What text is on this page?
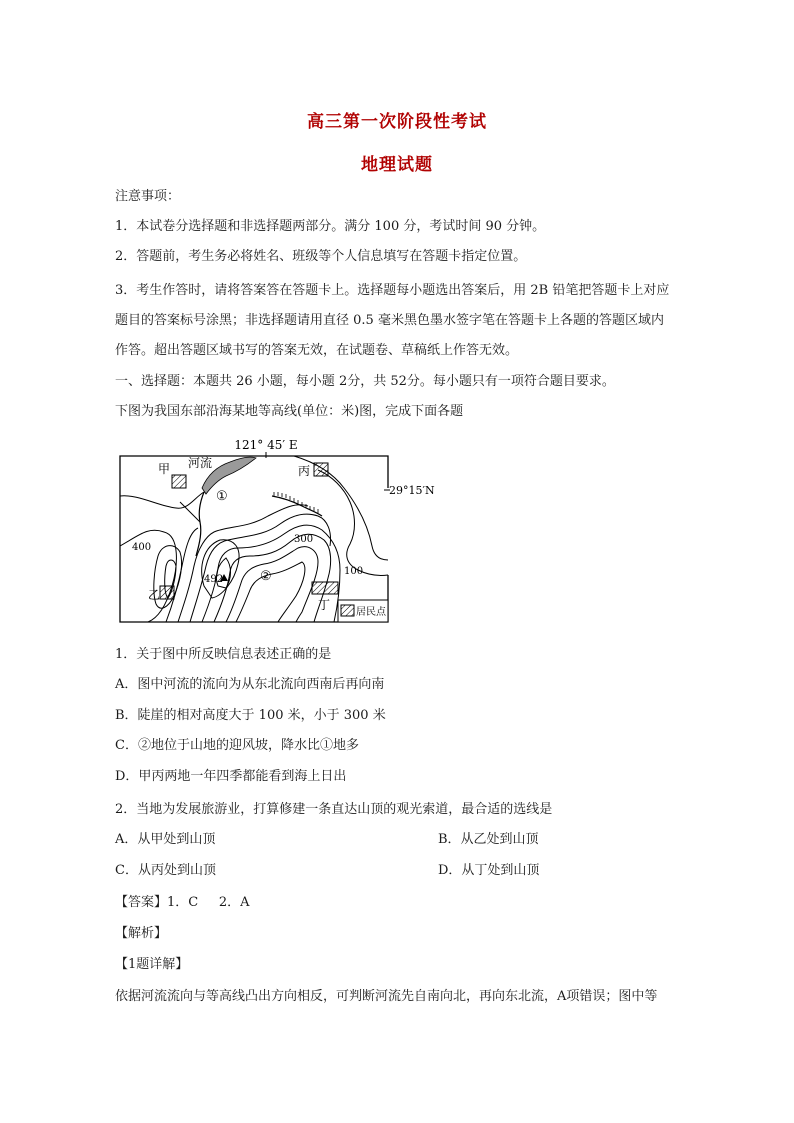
高三第一次阶段性考试
地理试题
注意事项：
1．本试卷分选择题和非选择题两部分。满分 100 分，考试时间 90 分钟。
2．答题前，考生务必将姓名、班级等个人信息填写在答题卡指定位置。
3．考生作答时，请将答案答在答题卡上。选择题每小题选出答案后，用 2B 铅笔把答题卡上对应
题目的答案标号涂黑；非选择题请用直径 0.5 毫米黑色墨水签字笔在答题卡上各题的答题区域内
作答。超出答题区域书写的答案无效，在试题卷、草稿纸上作答无效。
一、选择题：本题共 26 小题，每小题 2分，共 52分。每小题只有一项符合题目要求。
下图为我国东部沿海某地等高线(单位：米)图，完成下面各题
121° 45′ E
29°15′N
河流
甲	丙
乙
丁
①
②
400
300
100
492
居民点
1．关于图中所反映信息表述正确的是
A．图中河流的流向为从东北流向西南后再向南
B．陡崖的相对高度大于 100 米，小于 300 米
C．②地位于山地的迎风坡，降水比①地多
D．甲丙两地一年四季都能看到海上日出
2．当地为发展旅游业，打算修建一条直达山顶的观光索道，最合适的选线是
A．从甲处到山顶	B．从乙处到山顶
C．从丙处到山顶	D．从丁处到山顶
【答案】1．C     2．A
【解析】
【1题详解】
依据河流流向与等高线凸出方向相反，可判断河流先自南向北，再向东北流，A项错误；图中等
